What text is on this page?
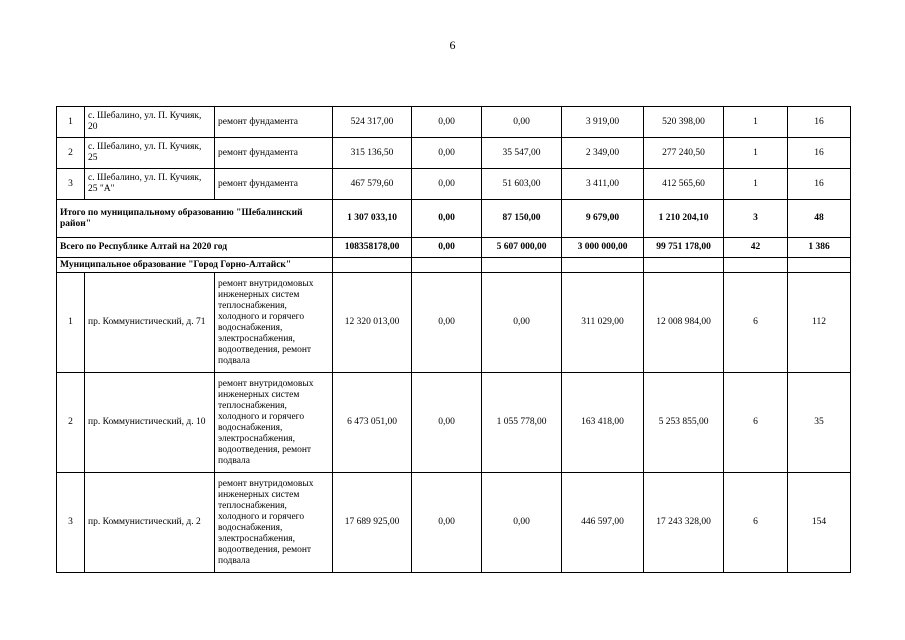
6
1	с. Шебалино, ул. П. Кучияк, 20	ремонт фундамента	524 317,00	0,00	0,00	3 919,00	520 398,00	1	16
2	с. Шебалино, ул. П. Кучияк, 25	ремонт фундамента	315 136,50	0,00	35 547,00	2 349,00	277 240,50	1	16
3	с. Шебалино, ул. П. Кучияк, 25 "А"	ремонт фундамента	467 579,60	0,00	51 603,00	3 411,00	412 565,60	1	16
Итого по муниципальному образованию "Шебалинский район"			1 307 033,10	0,00	87 150,00	9 679,00	1 210 204,10	3	48
Всего по Республике Алтай на 2020 год			108358178,00	0,00	5 607 000,00	3 000 000,00	99 751 178,00	42	1 386
Муниципальное образование "Город Горно-Алтайск"									
1	пр. Коммунистический, д. 71	ремонт внутридомовых инженерных систем теплоснабжения, холодного и горячего водоснабжения, электроснабжения, водоотведения, ремонт подвала	12 320 013,00	0,00	0,00	311 029,00	12 008 984,00	6	112
2	пр. Коммунистический, д. 10	ремонт внутридомовых инженерных систем теплоснабжения, холодного и горячего водоснабжения, электроснабжения, водоотведения, ремонт подвала	6 473 051,00	0,00	1 055 778,00	163 418,00	5 253 855,00	6	35
3	пр. Коммунистический, д. 2	ремонт внутридомовых инженерных систем теплоснабжения, холодного и горячего водоснабжения, электроснабжения, водоотведения, ремонт подвала	17 689 925,00	0,00	0,00	446 597,00	17 243 328,00	6	154
